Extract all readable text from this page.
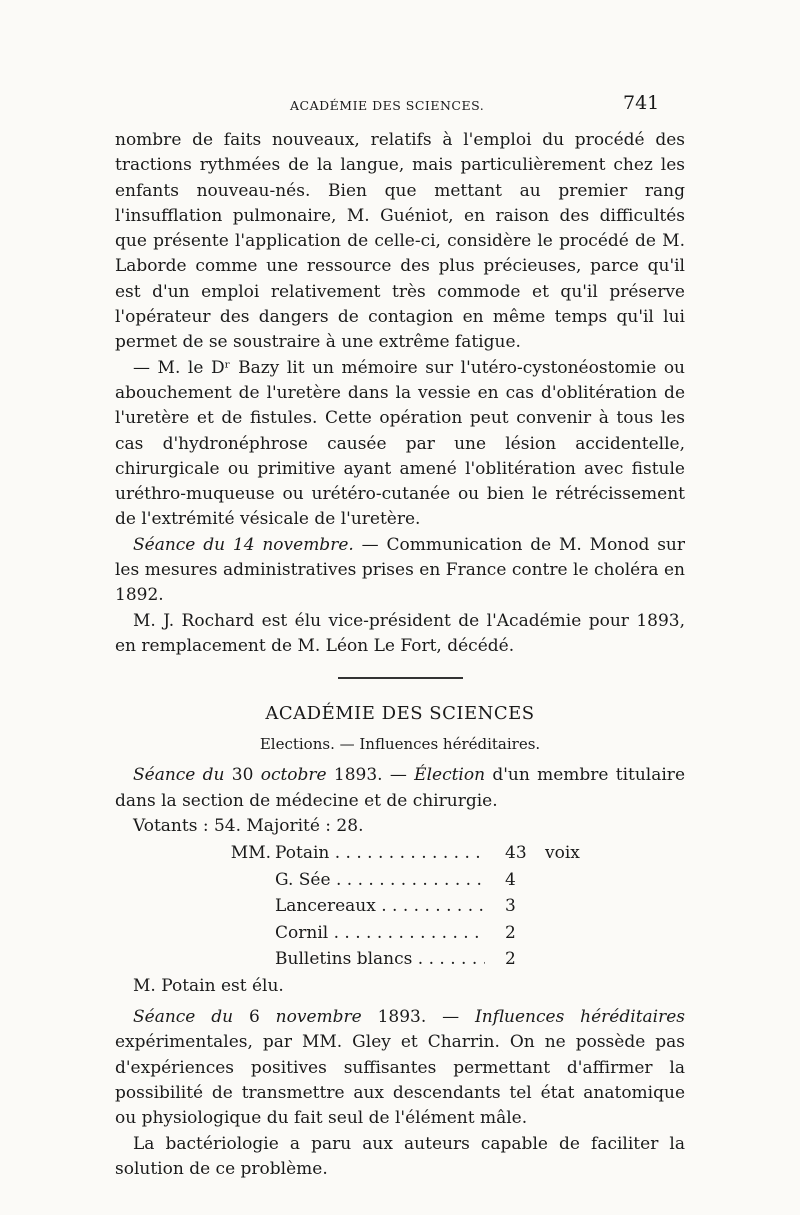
ACADÉMIE DES SCIENCES.	741

nombre de faits nouveaux, relatifs à l'emploi du procédé des tractions rythmées de la langue, mais particulièrement chez les enfants nouveau-nés. Bien que mettant au premier rang l'insufflation pulmonaire, M. Guéniot, en raison des difficultés que présente l'application de celle-ci, considère le procédé de M. Laborde comme une ressource des plus précieuses, parce qu'il est d'un emploi relativement très commode et qu'il préserve l'opérateur des dangers de contagion en même temps qu'il lui permet de se soustraire à une extrême fatigue.

— M. le Dʳ Bazy lit un mémoire sur l'utéro-cystonéostomie ou abouchement de l'uretère dans la vessie en cas d'oblitération de l'uretère et de fistules. Cette opération peut convenir à tous les cas d'hydronéphrose causée par une lésion accidentelle, chirurgicale ou primitive ayant amené l'oblitération avec fistule uréthro-muqueuse ou urétéro-cutanée ou bien le rétrécissement de l'extrémité vésicale de l'uretère.

Séance du 14 novembre. — Communication de M. Monod sur les mesures administratives prises en France contre le choléra en 1892.

M. J. Rochard est élu vice-président de l'Académie pour 1893, en remplacement de M. Léon Le Fort, décédé.

ACADÉMIE DES SCIENCES
Elections. — Influences héréditaires.

Séance du 30 octobre 1893. — Élection d'un membre titulaire dans la section de médecine et de chirurgie.

Votants : 54. Majorité : 28.

MM. Potain . . .	43	voix
G. Sée . . .	4
Lancereaux . . .	3
Cornil . . .	2
Bulletins blancs . . .	2

M. Potain est élu.

Séance du 6 novembre 1893. — Influences héréditaires expérimentales, par MM. Gley et Charrin. On ne possède pas d'expériences positives suffisantes permettant d'affirmer la possibilité de transmettre aux descendants tel état anatomique ou physiologique du fait seul de l'élément mâle.

La bactériologie a paru aux auteurs capable de faciliter la solution de ce problème.
